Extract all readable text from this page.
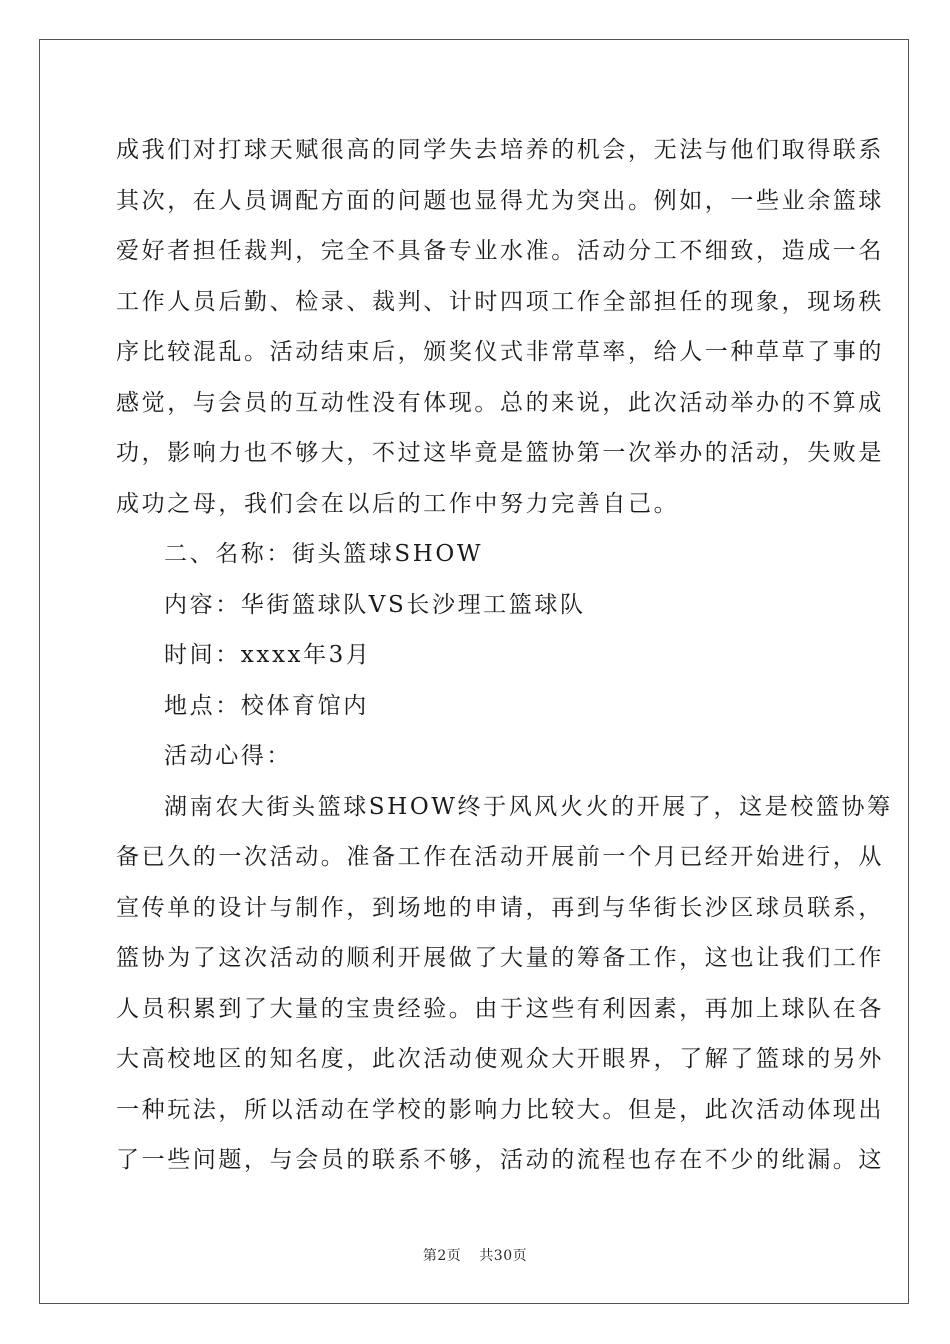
成我们对打球天赋很高的同学失去培养的机会，无法与他们取得联系
其次，在人员调配方面的问题也显得尤为突出。例如，一些业余篮球
爱好者担任裁判，完全不具备专业水准。活动分工不细致，造成一名
工作人员后勤、检录、裁判、计时四项工作全部担任的现象，现场秩
序比较混乱。活动结束后，颁奖仪式非常草率，给人一种草草了事的
感觉，与会员的互动性没有体现。总的来说，此次活动举办的不算成
功，影响力也不够大，不过这毕竟是篮协第一次举办的活动，失败是
成功之母，我们会在以后的工作中努力完善自己。
二、名称：街头篮球SHOW
内容：华街篮球队VS长沙理工篮球队
时间：xxxx年3月
地点：校体育馆内
活动心得：
湖南农大街头篮球SHOW终于风风火火的开展了，这是校篮协筹
备已久的一次活动。准备工作在活动开展前一个月已经开始进行，从
宣传单的设计与制作，到场地的申请，再到与华街长沙区球员联系，
篮协为了这次活动的顺利开展做了大量的筹备工作，这也让我们工作
人员积累到了大量的宝贵经验。由于这些有利因素，再加上球队在各
大高校地区的知名度，此次活动使观众大开眼界，了解了篮球的另外
一种玩法，所以活动在学校的影响力比较大。但是，此次活动体现出
了一些问题，与会员的联系不够，活动的流程也存在不少的纰漏。这
第2页 共30页
